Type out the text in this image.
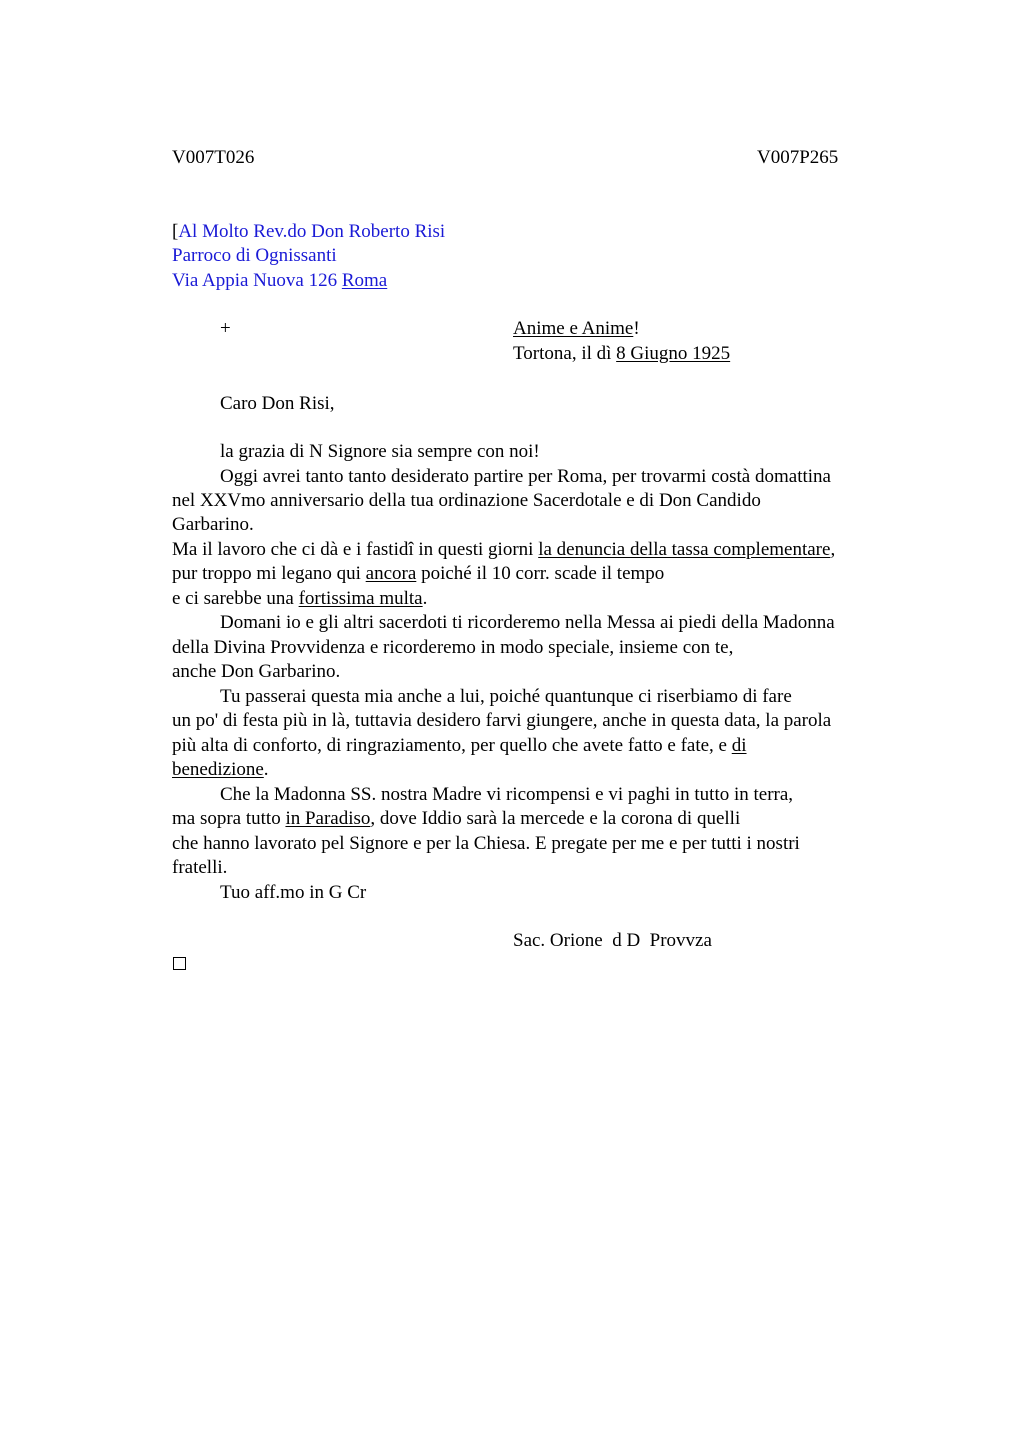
V007T026	V007P265
[Al Molto Rev.do Don Roberto Risi
Parroco di Ognissanti
Via Appia Nuova 126 Roma
+	Anime e Anime!
Tortona, il dì 8 Giugno 1925
Caro Don Risi,
la grazia di N Signore sia sempre con noi!
Oggi avrei tanto tanto desiderato partire per Roma, per trovarmi costà domattina
nel XXVmo anniversario della tua ordinazione Sacerdotale e di Don Candido
Garbarino.
Ma il lavoro che ci dà e i fastidî in questi giorni la denuncia della tassa complementare,
pur troppo mi legano qui ancora poiché il 10 corr. scade il tempo
e ci sarebbe una fortissima multa.
Domani io e gli altri sacerdoti ti ricorderemo nella Messa ai piedi della Madonna
della Divina Provvidenza e ricorderemo in modo speciale, insieme con te,
anche Don Garbarino.
Tu passerai questa mia anche a lui, poiché quantunque ci riserbiamo di fare
un po' di festa più in là, tuttavia desidero farvi giungere, anche in questa data, la parola
più alta di conforto, di ringraziamento, per quello che avete fatto e fate, e di
benedizione.
Che la Madonna SS. nostra Madre vi ricompensi e vi paghi in tutto in terra,
ma sopra tutto in Paradiso, dove Iddio sarà la mercede e la corona di quelli
che hanno lavorato pel Signore e per la Chiesa. E pregate per me e per tutti i nostri
fratelli.
Tuo aff.mo in G Cr
Sac. Orione  d D  Provvza
